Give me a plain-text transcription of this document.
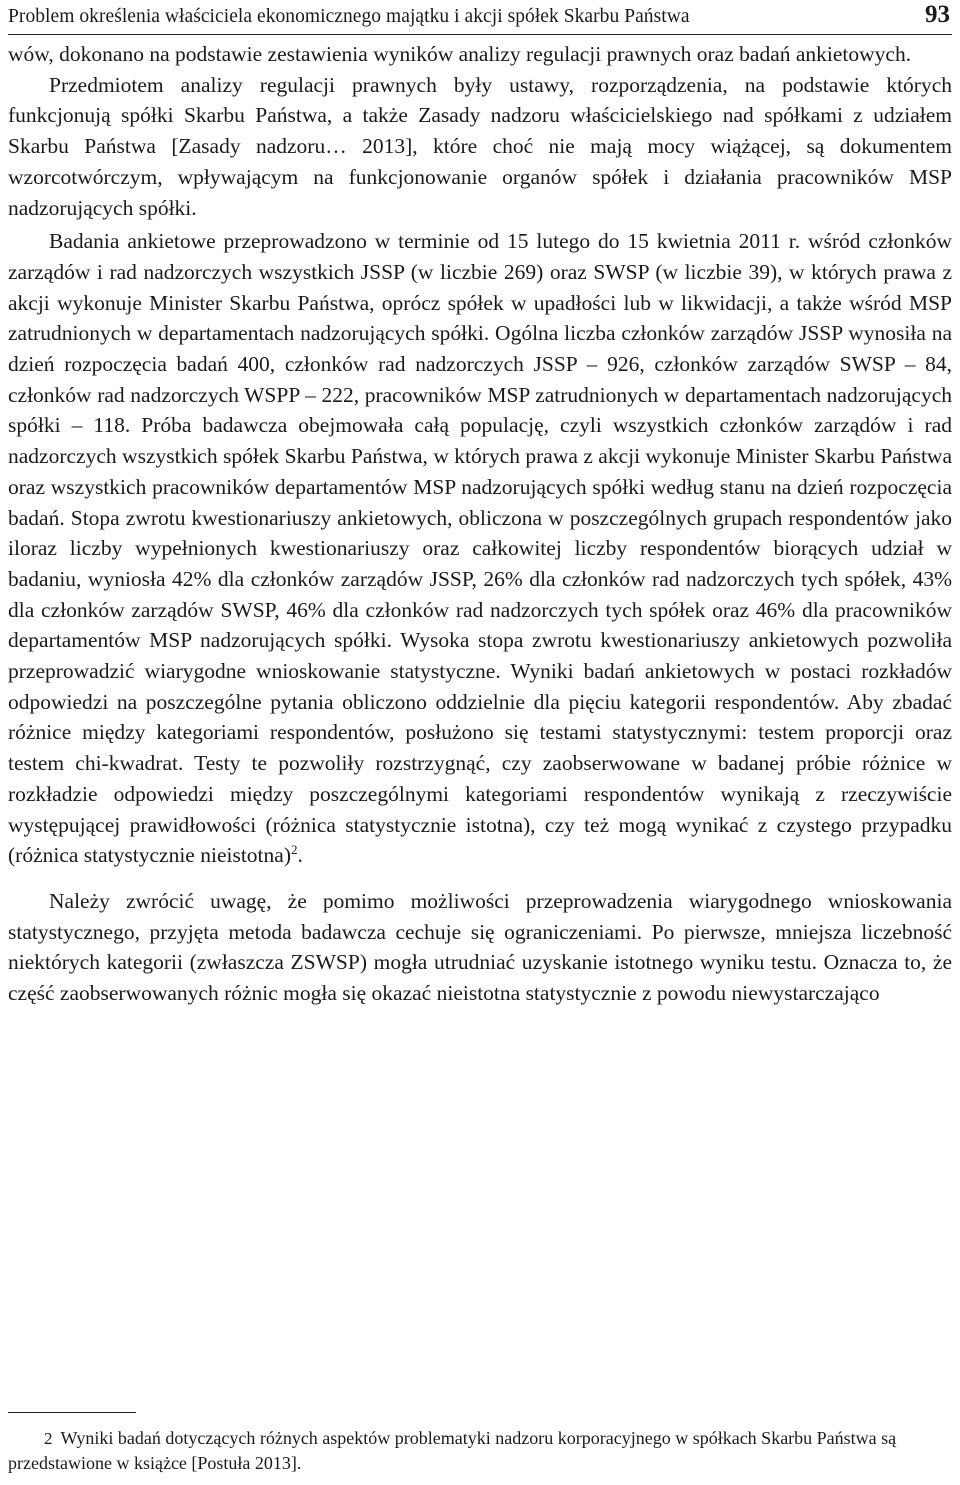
Problem określenia właściciela ekonomicznego majątku i akcji spółek Skarbu Państwa	93

wów, dokonano na podstawie zestawienia wyników analizy regulacji prawnych oraz badań ankietowych.

Przedmiotem analizy regulacji prawnych były ustawy, rozporządzenia, na podstawie których funkcjonują spółki Skarbu Państwa, a także Zasady nadzoru właścicielskiego nad spółkami z udziałem Skarbu Państwa [Zasady nadzoru… 2013], które choć nie mają mocy wiążącej, są dokumentem wzorcotwórczym, wpływającym na funkcjonowanie organów spółek i działania pracowników MSP nadzorujących spółki.

Badania ankietowe przeprowadzono w terminie od 15 lutego do 15 kwietnia 2011 r. wśród członków zarządów i rad nadzorczych wszystkich JSSP (w liczbie 269) oraz SWSP (w liczbie 39), w których prawa z akcji wykonuje Minister Skarbu Państwa, oprócz spółek w upadłości lub w likwidacji, a także wśród MSP zatrudnionych w departamentach nadzorujących spółki. Ogólna liczba członków zarządów JSSP wynosiła na dzień rozpoczęcia badań 400, członków rad nadzorczych JSSP – 926, członków zarządów SWSP – 84, członków rad nadzorczych WSPP – 222, pracowników MSP zatrudnionych w departamentach nadzorujących spółki – 118. Próba badawcza obejmowała całą populację, czyli wszystkich członków zarządów i rad nadzorczych wszystkich spółek Skarbu Państwa, w których prawa z akcji wykonuje Minister Skarbu Państwa oraz wszystkich pracowników departamentów MSP nadzorujących spółki według stanu na dzień rozpoczęcia badań. Stopa zwrotu kwestionariuszy ankietowych, obliczona w poszczególnych grupach respondentów jako iloraz liczby wypełnionych kwestionariuszy oraz całkowitej liczby respondentów biorących udział w badaniu, wyniosła 42% dla członków zarządów JSSP, 26% dla członków rad nadzorczych tych spółek, 43% dla członków zarządów SWSP, 46% dla członków rad nadzorczych tych spółek oraz 46% dla pracowników departamentów MSP nadzorujących spółki. Wysoka stopa zwrotu kwestionariuszy ankietowych pozwoliła przeprowadzić wiarygodne wnioskowanie statystyczne. Wyniki badań ankietowych w postaci rozkładów odpowiedzi na poszczególne pytania obliczono oddzielnie dla pięciu kategorii respondentów. Aby zbadać różnice między kategoriami respondentów, posłużono się testami statystycznymi: testem proporcji oraz testem chi-kwadrat. Testy te pozwoliły rozstrzygnąć, czy zaobserwowane w badanej próbie różnice w rozkładzie odpowiedzi między poszczególnymi kategoriami respondentów wynikają z rzeczywiście występującej prawidłowości (różnica statystycznie istotna), czy też mogą wynikać z czystego przypadku (różnica statystycznie nieistotna)$^2$.

Należy zwrócić uwagę, że pomimo możliwości przeprowadzenia wiarygodnego wnioskowania statystycznego, przyjęta metoda badawcza cechuje się ograniczeniami. Po pierwsze, mniejsza liczebność niektórych kategorii (zwłaszcza ZSWSP) mogła utrudniać uzyskanie istotnego wyniku testu. Oznacza to, że część zaobserwowanych różnic mogła się okazać nieistotna statystycznie z powodu niewystarczająco

2 Wyniki badań dotyczących różnych aspektów problematyki nadzoru korporacyjnego w spółkach Skarbu Państwa są przedstawione w książce [Postuła 2013].
